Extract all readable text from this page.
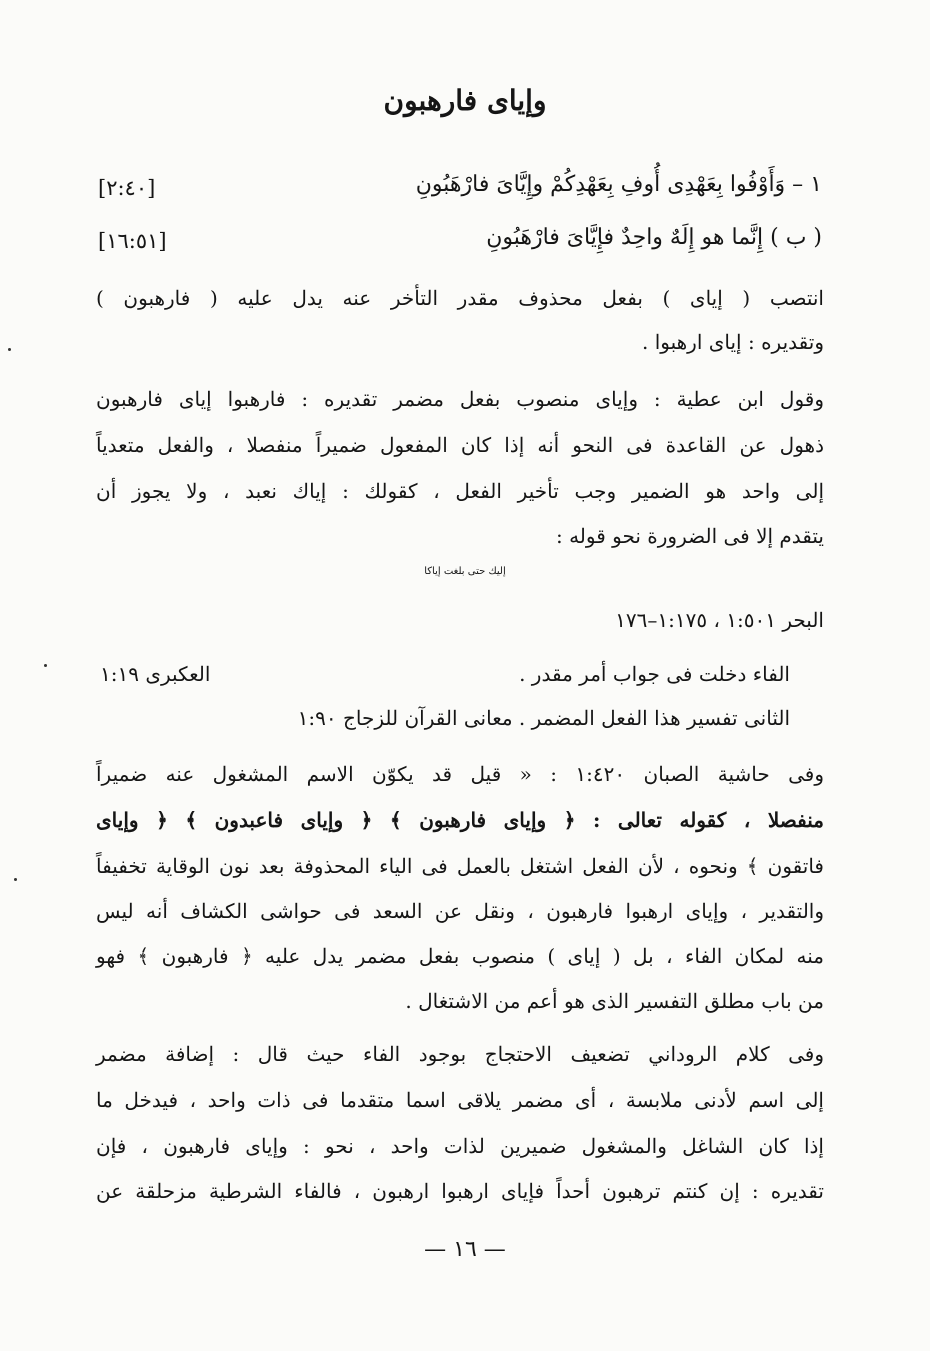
وإياى فارهبون
١ – وَأَوْفُوا بِعَهْدِى أُوفِ بِعَهْدِكُمْ وإِيَّاىَ فارْهَبُونِ
[٢:٤٠]
( ب ) إِنَّما هو إِلَهٌ واحِدٌ فإِيَّاىَ فارْهَبُونِ
[١٦:٥١]
انتصب ( إياى ) بفعل محذوف مقدر التأخر عنه يدل عليه ( فارهبون )
وتقديره : إياى ارهبوا .
وقول ابن عطية : وإياى منصوب بفعل مضمر تقديره : فارهبوا إياى فارهبون
ذهول عن القاعدة فى النحو أنه إذا كان المفعول ضميراً منفصلا ، والفعل متعدياً
إلى واحد هو الضمير وجب تأخير الفعل ، كقولك : إياك نعبد ، ولا يجوز أن
يتقدم إلا فى الضرورة نحو قوله :
إليك حتى بلغت إياكا
البحر ١:٥٠١ ، ١:١٧٥–١٧٦
الفاء دخلت فى جواب أمر مقدر .
العكبرى ١:١٩
الثانى تفسير هذا الفعل المضمر . معانى القرآن للزجاج ١:٩٠
وفى حاشية الصبان ١:٤٢٠ : « قيل قد يكوّن الاسم المشغول عنه ضميراً
منفصلا ، كقوله تعالى : ﴿ وإياى فارهبون ﴾ ﴿ وإياى فاعبدون ﴾ ﴿ وإياى
فاتقون ﴾ ونحوه ، لأن الفعل اشتغل بالعمل فى الياء المحذوفة بعد نون الوقاية تخفيفاً
والتقدير ، وإياى ارهبوا فارهبون ، ونقل عن السعد فى حواشى الكشاف أنه ليس
منه لمكان الفاء ، بل ( إياى ) منصوب بفعل مضمر يدل عليه ﴿ فارهبون ﴾ فهو
من باب مطلق التفسير الذى هو أعم من الاشتغال .
وفى كلام الروداني تضعيف الاحتجاج بوجود الفاء حيث قال : إضافة مضمر
إلى اسم لأدنى ملابسة ، أى مضمر يلاقى اسما متقدما فى ذات واحد ، فيدخل ما
إذا كان الشاغل والمشغول ضميرين لذات واحد ، نحو : وإياى فارهبون ، فإن
تقديره : إن كنتم ترهبون أحداً فإياى ارهبوا ارهبون ، فالفاء الشرطية مزحلقة عن
— ١٦ —
